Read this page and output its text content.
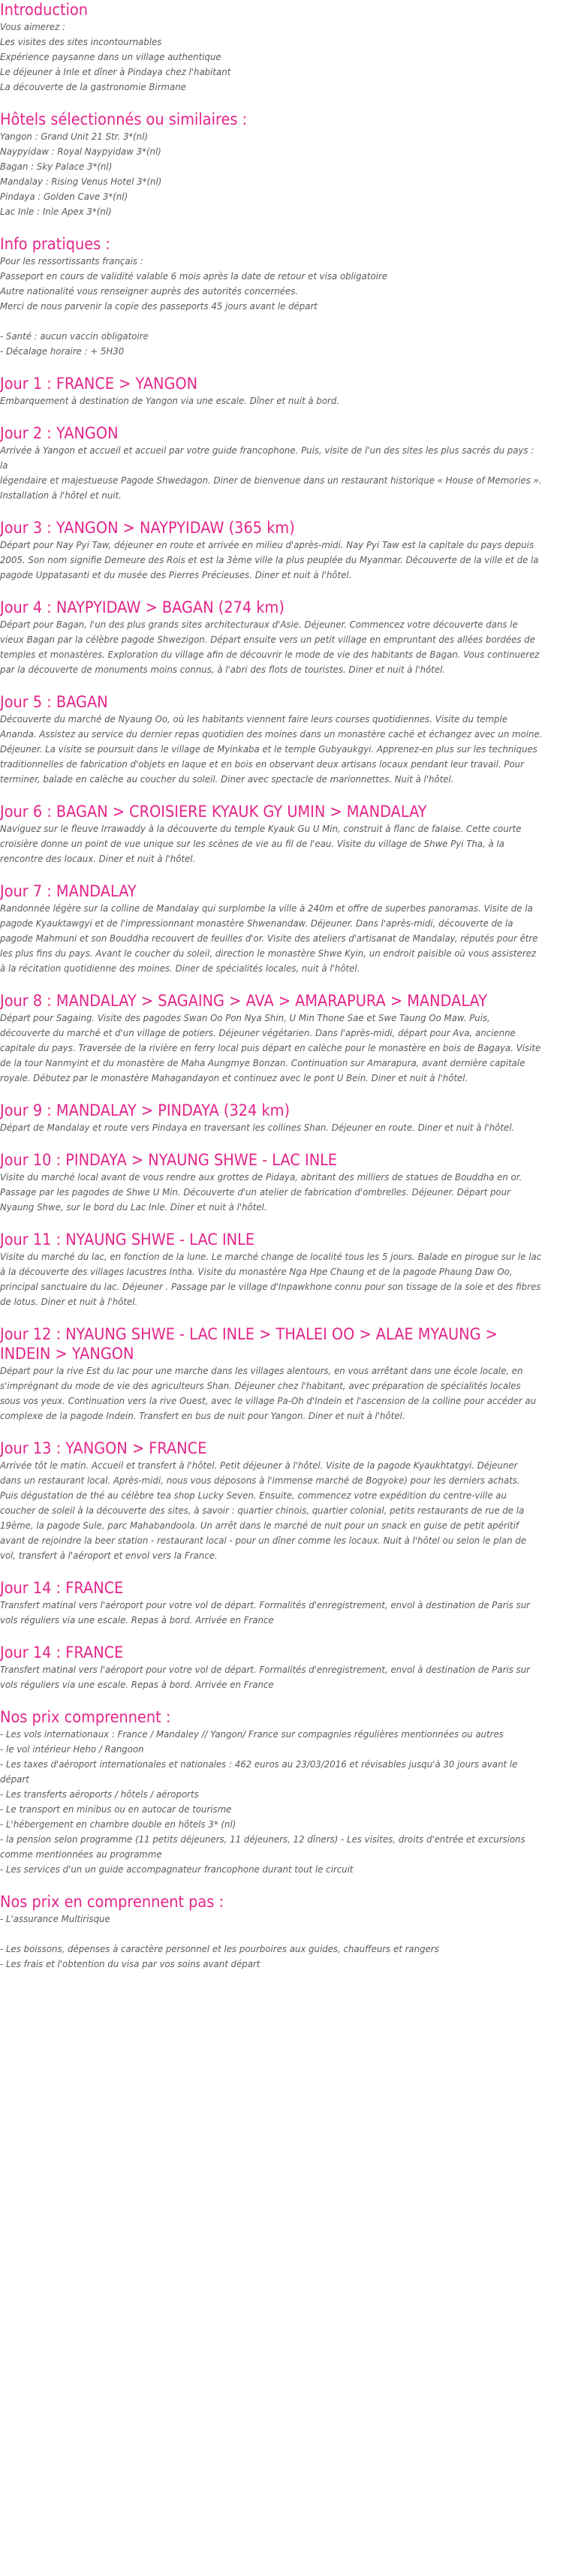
Introduction

Vous aimerez :

Les visites des sites incontournables

Expérience paysanne dans un village authentique

Le déjeuner à Inle et dîner à Pindaya chez l'habitant

La découverte de la gastronomie Birmane

Hôtels sélectionnés ou similaires :

Yangon : Grand Unit 21 Str. 3*(nl)

Naypyidaw : Royal Naypyidaw 3*(nl)

Bagan : Sky Palace 3*(nl)

Mandalay : Rising Venus Hotel 3*(nl)

Pindaya : Golden Cave 3*(nl)

Lac Inle : Inle Apex 3*(nl)

Info pratiques :

Pour les ressortissants français :

Passeport en cours de validité valable 6 mois après la date de retour et visa obligatoire

Autre nationalité vous renseigner auprès des autorités concernées.

Merci de nous parvenir la copie des passeports 45 jours avant le départ

- Santé : aucun vaccin obligatoire

- Décalage horaire : + 5H30

Jour 1 : FRANCE > YANGON

Embarquement à destination de Yangon via une escale. Dîner et nuit à bord.

Jour 2 : YANGON

Arrivée à Yangon et accueil et accueil par votre guide francophone. Puis, visite de l'un des sites les plus sacrés du pays : la

légendaire et majestueuse Pagode Shwedagon. Diner de bienvenue dans un restaurant historique « House of Memories ».

Installation à l'hôtel et nuit.

Jour 3 : YANGON > NAYPYIDAW (365 km)

Départ pour Nay Pyi Taw, déjeuner en route et arrivée en milieu d'après-midi. Nay Pyi Taw est la capitale du pays depuis

2005. Son nom signifie Demeure des Rois et est la 3ème ville la plus peuplée du Myanmar. Découverte de la ville et de la

pagode Uppatasanti et du musée des Pierres Précieuses. Diner et nuit à l'hôtel.

Jour 4 : NAYPYIDAW > BAGAN (274 km)

Départ pour Bagan, l'un des plus grands sites architecturaux d'Asie. Déjeuner. Commencez votre découverte dans le

vieux Bagan par la célèbre pagode Shwezigon. Départ ensuite vers un petit village en empruntant des allées bordées de

temples et monastères. Exploration du village afin de découvrir le mode de vie des habitants de Bagan. Vous continuerez

par la découverte de monuments moins connus, à l'abri des flots de touristes. Diner et nuit à l'hôtel.

Jour 5 : BAGAN

Découverte du marché de Nyaung Oo, où les habitants viennent faire leurs courses quotidiennes. Visite du temple

Ananda. Assistez au service du dernier repas quotidien des moines dans un monastère caché et échangez avec un moine.

Déjeuner. La visite se poursuit dans le village de Myinkaba et le temple Gubyaukgyi. Apprenez-en plus sur les techniques

traditionnelles de fabrication d'objets en laque et en bois en observant deux artisans locaux pendant leur travail. Pour

terminer, balade en calèche au coucher du soleil. Diner avec spectacle de marionnettes. Nuit à l'hôtel.

Jour 6 : BAGAN > CROISIERE KYAUK GY UMIN > MANDALAY

Naviguez sur le fleuve Irrawaddy à la découverte du temple Kyauk Gu U Min, construit à flanc de falaise. Cette courte

croisière donne un point de vue unique sur les scènes de vie au fil de l'eau. Visite du village de Shwe Pyi Tha, à la

rencontre des locaux. Diner et nuit à l'hôtel.

Jour 7 : MANDALAY

Randonnée légère sur la colline de Mandalay qui surplombe la ville à 240m et offre de superbes panoramas. Visite de la

pagode Kyauktawgyi et de l'impressionnant monastère Shwenandaw. Déjeuner. Dans l'après-midi, découverte de la

pagode Mahmuni et son Bouddha recouvert de feuilles d'or. Visite des ateliers d'artisanat de Mandalay, réputés pour être

les plus fins du pays. Avant le coucher du soleil, direction le monastère Shwe Kyin, un endroit paisible où vous assisterez

à la récitation quotidienne des moines. Diner de spécialités locales, nuit à l'hôtel.

Jour 8 : MANDALAY > SAGAING > AVA > AMARAPURA > MANDALAY

Départ pour Sagaing. Visite des pagodes Swan Oo Pon Nya Shin, U Min Thone Sae et Swe Taung Oo Maw. Puis,

découverte du marché et d'un village de potiers. Déjeuner végétarien. Dans l'après-midi, départ pour Ava, ancienne

capitale du pays. Traversée de la rivière en ferry local puis départ en calèche pour le monastère en bois de Bagaya. Visite

de la tour Nanmyint et du monastère de Maha Aungmye Bonzan. Continuation sur Amarapura, avant dernière capitale

royale. Débutez par le monastère Mahagandayon et continuez avec le pont U Bein. Diner et nuit à l'hôtel.

Jour 9 : MANDALAY > PINDAYA (324 km)

Départ de Mandalay et route vers Pindaya en traversant les collines Shan. Déjeuner en route. Diner et nuit à l'hôtel.

Jour 10 : PINDAYA > NYAUNG SHWE - LAC INLE

Visite du marché local avant de vous rendre aux grottes de Pidaya, abritant des milliers de statues de Bouddha en or.

Passage par les pagodes de Shwe U Min. Découverte d'un atelier de fabrication d'ombrelles. Déjeuner. Départ pour

Nyaung Shwe, sur le bord du Lac Inle. Diner et nuit à l'hôtel.

Jour 11 : NYAUNG SHWE - LAC INLE

Visite du marché du lac, en fonction de la lune. Le marché change de localité tous les 5 jours. Balade en pirogue sur le lac

à la découverte des villages lacustres Intha. Visite du monastère Nga Hpe Chaung et de la pagode Phaung Daw Oo,

principal sanctuaire du lac. Déjeuner . Passage par le village d'Inpawkhone connu pour son tissage de la soie et des fibres

de lotus. Diner et nuit à l'hôtel.

Jour 12 : NYAUNG SHWE - LAC INLE > THALEI OO > ALAE MYAUNG > INDEIN > YANGON

Départ pour la rive Est du lac pour une marche dans les villages alentours, en vous arrêtant dans une école locale, en

s'imprégnant du mode de vie des agriculteurs Shan. Déjeuner chez l'habitant, avec préparation de spécialités locales

sous vos yeux. Continuation vers la rive Ouest, avec le village Pa-Oh d'Indein et l'ascension de la colline pour accéder au

complexe de la pagode Indein. Transfert en bus de nuit pour Yangon. Diner et nuit à l'hôtel.

Jour 13 : YANGON > FRANCE

Arrivée tôt le matin. Accueil et transfert à l'hôtel. Petit déjeuner à l'hôtel. Visite de la pagode Kyaukhtatgyi. Déjeuner

dans un restaurant local. Après-midi, nous vous déposons à l'immense marché de Bogyoke) pour les derniers achats.

Puis dégustation de thé au célèbre tea shop Lucky Seven. Ensuite, commencez votre expédition du centre-ville au

coucher de soleil à la découverte des sites, à savoir : quartier chinois, quartier colonial, petits restaurants de rue de la

19ème, la pagode Sule, parc Mahabandoola. Un arrêt dans le marché de nuit pour un snack en guise de petit apéritif

avant de rejoindre la beer station - restaurant local - pour un dîner comme les locaux. Nuit à l'hôtel ou selon le plan de

vol, transfert à l'aéroport et envol vers la France.

Jour 14 : FRANCE

Transfert matinal vers l'aéroport pour votre vol de départ. Formalités d'enregistrement, envol à destination de Paris sur

vols réguliers via une escale. Repas à bord. Arrivée en France

Jour 14 : FRANCE

Transfert matinal vers l'aéroport pour votre vol de départ. Formalités d'enregistrement, envol à destination de Paris sur

vols réguliers via une escale. Repas à bord. Arrivée en France

Nos prix comprennent :

- Les vols internationaux : France / Mandaley // Yangon/ France sur compagnies régulières mentionnées ou autres

- le vol intérieur Heho / Rangoon

- Les taxes d'aéroport internationales et nationales : 462 euros au 23/03/2016 et révisables jusqu'à 30 jours avant le

départ

- Les transferts aéroports / hôtels / aéroports

- Le transport en minibus ou en autocar de tourisme

- L'hébergement en chambre double en hôtels 3* (nl)

- la pension selon programme (11 petits déjeuners, 11 déjeuners, 12 dîners) - Les visites, droits d'entrée et excursions

comme mentionnées au programme

- Les services d'un un guide accompagnateur francophone durant tout le circuit

Nos prix en comprennent pas :

- L'assurance Multirisque

- Les boissons, dépenses à caractère personnel et les pourboires aux guides, chauffeurs et rangers

- Les frais et l'obtention du visa par vos soins avant départ
